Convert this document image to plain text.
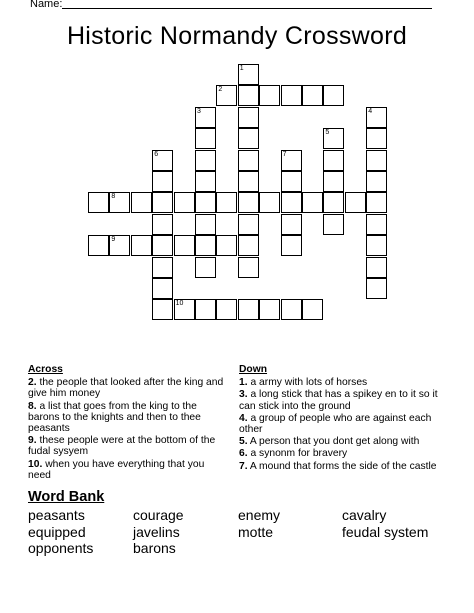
Name:
Historic Normandy Crossword
2
8
9
10
1
3	4
5
6	7
Across
2. the people that looked after the king and give him money
8. a list that goes from the king to the barons to the knights and then to thee peasants
9. these people were at the bottom of the fudal sysyem
10. when you have everything that you need
Down
1. a army with lots of horses
3. a long stick that has a spikey en to it so it can stick into the ground
4. a group of people who are against each other
5. A person that you dont get along with
6. a synonm for bravery
7. A mound that forms the side of the castle
Word Bank
peasants	courage	enemy	cavalry
equipped	javelins	motte	feudal system
opponents	barons
